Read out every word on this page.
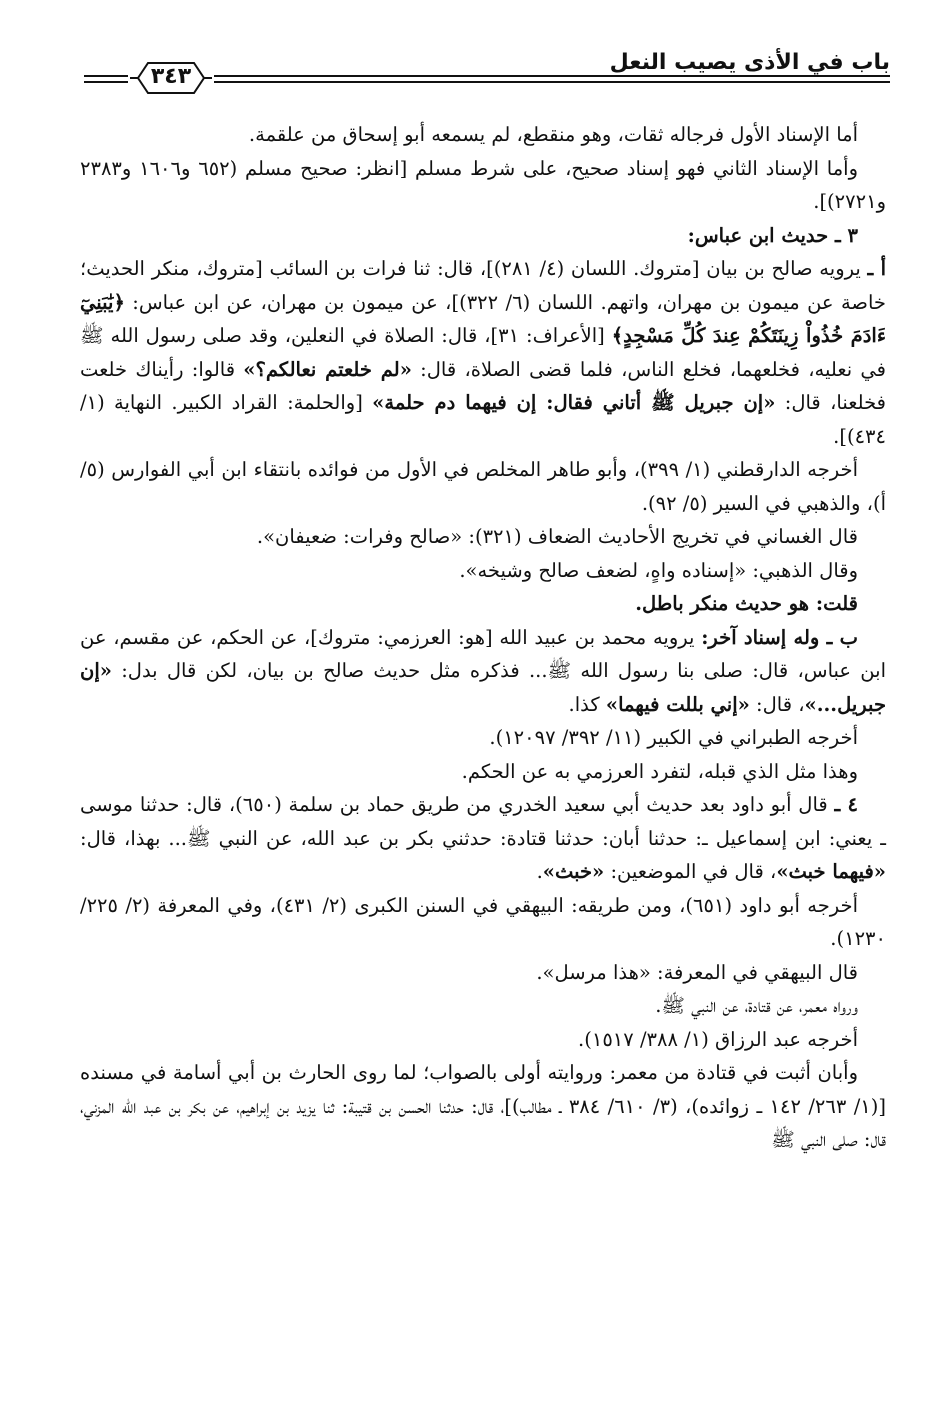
٣٤٣
باب في الأذى يصيب النعل

أما الإسناد الأول فرجاله ثقات، وهو منقطع، لم يسمعه أبو إسحاق من علقمة.

وأما الإسناد الثاني فهو إسناد صحيح، على شرط مسلم [انظر: صحيح مسلم (٦٥٢ و١٦٠٦ و٢٣٨٣ و٢٧٢١)].

٣ ـ حديث ابن عباس:

أ ـ يرويه صالح بن بيان [متروك. اللسان (٤/ ٢٨١)]، قال: ثنا فرات بن السائب [متروك، منكر الحديث؛ خاصة عن ميمون بن مهران، واتهم. اللسان (٦/ ٣٢٢)]، عن ميمون بن مهران، عن ابن عباس: ﴿يَٰبَنِيٓ ءَادَمَ خُذُواْ زِينَتَكُمْ عِندَ كُلِّ مَسْجِدٍ﴾ [الأعراف: ٣١]، قال: الصلاة في النعلين، وقد صلى رسول الله ﷺ في نعليه، فخلعهما، فخلع الناس، فلما قضى الصلاة، قال: «لم خلعتم نعالكم؟» قالوا: رأيناك خلعت فخلعنا، قال: «إن جبريل ﷺ أتاني فقال: إن فيهما دم حلمة» [والحلمة: القراد الكبير. النهاية (١/ ٤٣٤)].

أخرجه الدارقطني (١/ ٣٩٩)، وأبو طاهر المخلص في الأول من فوائده بانتقاء ابن أبي الفوارس (٥/أ)، والذهبي في السير (٥/ ٩٢).

قال الغساني في تخريج الأحاديث الضعاف (٣٢١): «صالح وفرات: ضعيفان».

وقال الذهبي: «إسناده واهٍ، لضعف صالح وشيخه».

قلت: هو حديث منكر باطل.

ب ـ وله إسناد آخر: يرويه محمد بن عبيد الله [هو: العرزمي: متروك]، عن الحكم، عن مقسم، عن ابن عباس، قال: صلى بنا رسول الله ﷺ... فذكره مثل حديث صالح بن بيان، لكن قال بدل: «إن جبريل...»، قال: «إني بللت فيهما» كذا.

أخرجه الطبراني في الكبير (١١/ ٣٩٢/ ١٢٠٩٧).

وهذا مثل الذي قبله، لتفرد العرزمي به عن الحكم.

٤ ـ قال أبو داود بعد حديث أبي سعيد الخدري من طريق حماد بن سلمة (٦٥٠)، قال: حدثنا موسى ـ يعني: ابن إسماعيل ـ: حدثنا أبان: حدثنا قتادة: حدثني بكر بن عبد الله، عن النبي ﷺ... بهذا، قال: «فيهما خبث»، قال في الموضعين: «خبث».

أخرجه أبو داود (٦٥١)، ومن طريقه: البيهقي في السنن الكبرى (٢/ ٤٣١)، وفي المعرفة (٢/ ٢٢٥/ ١٢٣٠).

قال البيهقي في المعرفة: «هذا مرسل».

ورواه معمر، عن قتادة، عن النبي ﷺ.

أخرجه عبد الرزاق (١/ ٣٨٨/ ١٥١٧).

وأبان أثبت في قتادة من معمر: وروايته أولى بالصواب؛ لما روى الحارث بن أبي أسامة في مسنده [(١/ ٢٦٣/ ١٤٢ ـ زوائده)، (٣/ ٦١٠/ ٣٨٤ ـ مطالب)]، قال: حدثنا الحسن بن قتيبة: ثنا يزيد بن إبراهيم، عن بكر بن عبد الله المزني، قال: صلى النبي ﷺ
